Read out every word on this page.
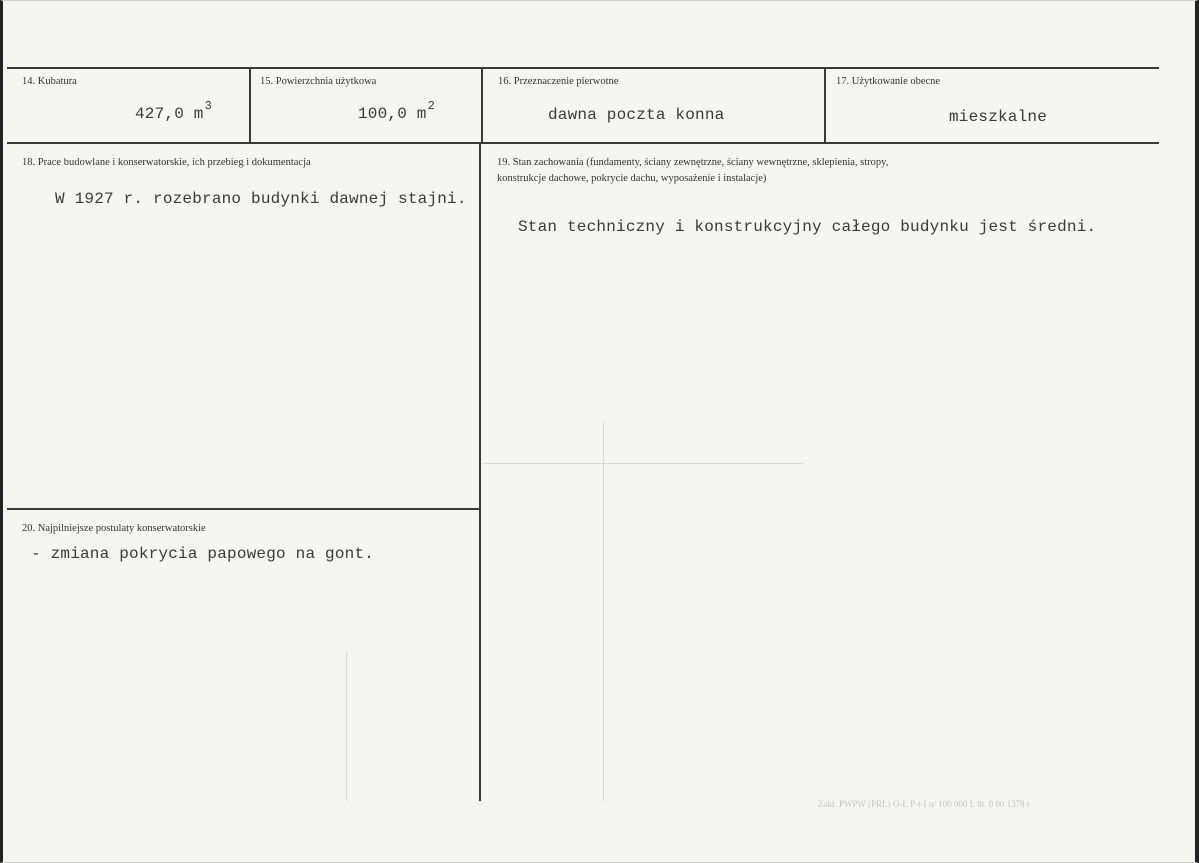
14. Kubatura
427,0 $m^3$
15. Powierzchnia użytkowa
100,0 $m^2$
16. Przeznaczenie pierwotne
dawna poczta konna
17. Użytkowanie obecne
mieszkalne
18. Prace budowlane i konserwatorskie, ich przebieg i dokumentacja
W 1927 r. rozebrano budynki dawnej stajni.
19. Stan zachowania (fundamenty, ściany zewnętrzne, ściany wewnętrzne, sklepienia, stropy,
konstrukcje dachowe, pokrycie dachu, wyposażenie i instalacje)
Stan techniczny i konstrukcyjny całego budynku jest średni.
20. Najpilniejsze postulaty konserwatorskie
- zmiana pokrycia papowego na gont.
Zakł. PWPW (PRL) O-Ł P-t-I n/ 100 000 I. 8t. 0 00 1378 r
